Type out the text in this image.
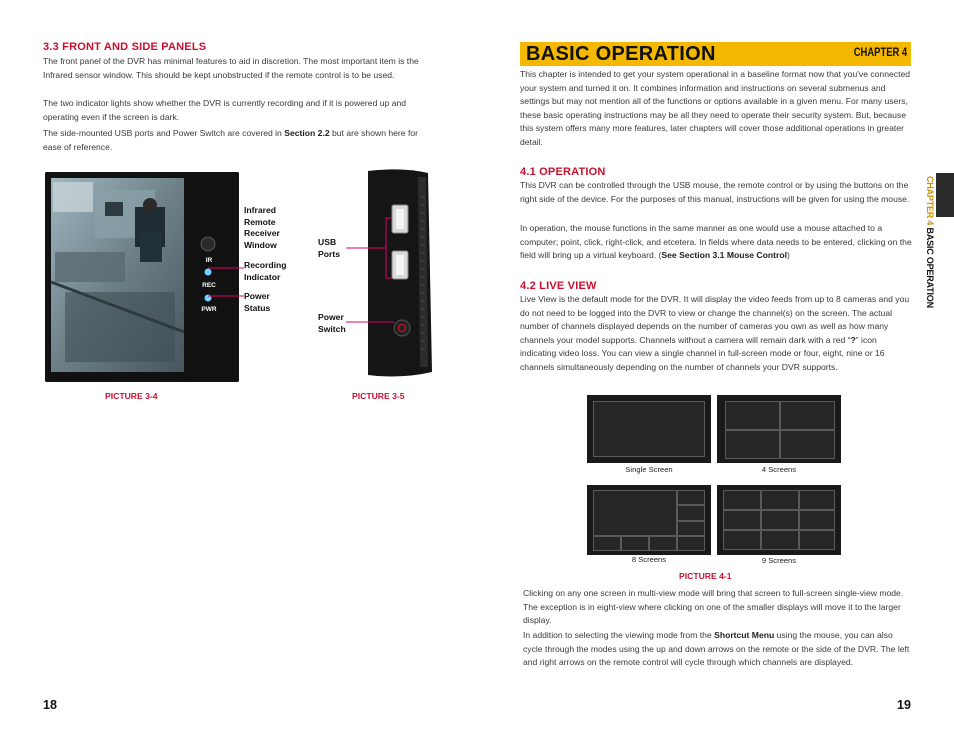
3.3 FRONT AND SIDE PANELS

The front panel of the DVR has minimal features to aid in discretion. The most important item is the Infrared sensor window. This should be kept unobstructed if the remote control is to be used.

The two indicator lights show whether the DVR is currently recording and if it is powered up and operating even if the screen is dark.

The side-mounted USB ports and Power Switch are covered in Section 2.2 but are shown here for ease of reference.

IR
REC
PWR
Infrared
Remote
Receiver
Window
Recording
Indicator
Power
Status
PICTURE 3-4
USB
Ports
Power
Switch
PICTURE 3-5
18
BASIC OPERATION	CHAPTER 4

This chapter is intended to get your system operational in a baseline format now that you've connected your system and turned it on. It combines information and instructions on several submenus and settings but may not mention all of the functions or options available in a given menu. For many users, these basic operating instructions may be all they need to operate their security system. But, because this system offers many more features, later chapters will cover those additional operations in greater detail.

4.1 OPERATION

This DVR can be controlled through the USB mouse, the remote control or by using the buttons on the right side of the device. For the purposes of this manual, instructions will be given for using the mouse.

In operation, the mouse functions in the same manner as one would use a mouse attached to a computer; point, click, right-click, and etcetera. In fields where data needs to be entered, clicking on the field will bring up a virtual keyboard. (See Section 3.1 Mouse Control)

4.2 LIVE VIEW

Live View is the default mode for the DVR. It will display the video feeds from up to 8 cameras and you do not need to be logged into the DVR to view or change the channel(s) on the screen. The actual number of channels displayed depends on the number of cameras you own as well as how many channels your model supports. Channels without a camera will remain dark with a red “?” icon indicating video loss. You can view a single channel in full-screen mode or four, eight, nine or 16 channels simultaneously depending on the number of channels your DVR supports.

Single Screen	4 Screens
8 Screens	9 Screens
PICTURE 4-1

Clicking on any one screen in multi-view mode will bring that screen to full-screen single-view mode. The exception is in eight-view where clicking on one of the smaller displays will move it to the larger display.

In addition to selecting the viewing mode from the Shortcut Menu using the mouse, you can also cycle through the modes using the up and down arrows on the remote or the side of the DVR. The left and right arrows on the remote control will cycle through which channels are displayed.

19
CHAPTER 4 BASIC OPERATION
